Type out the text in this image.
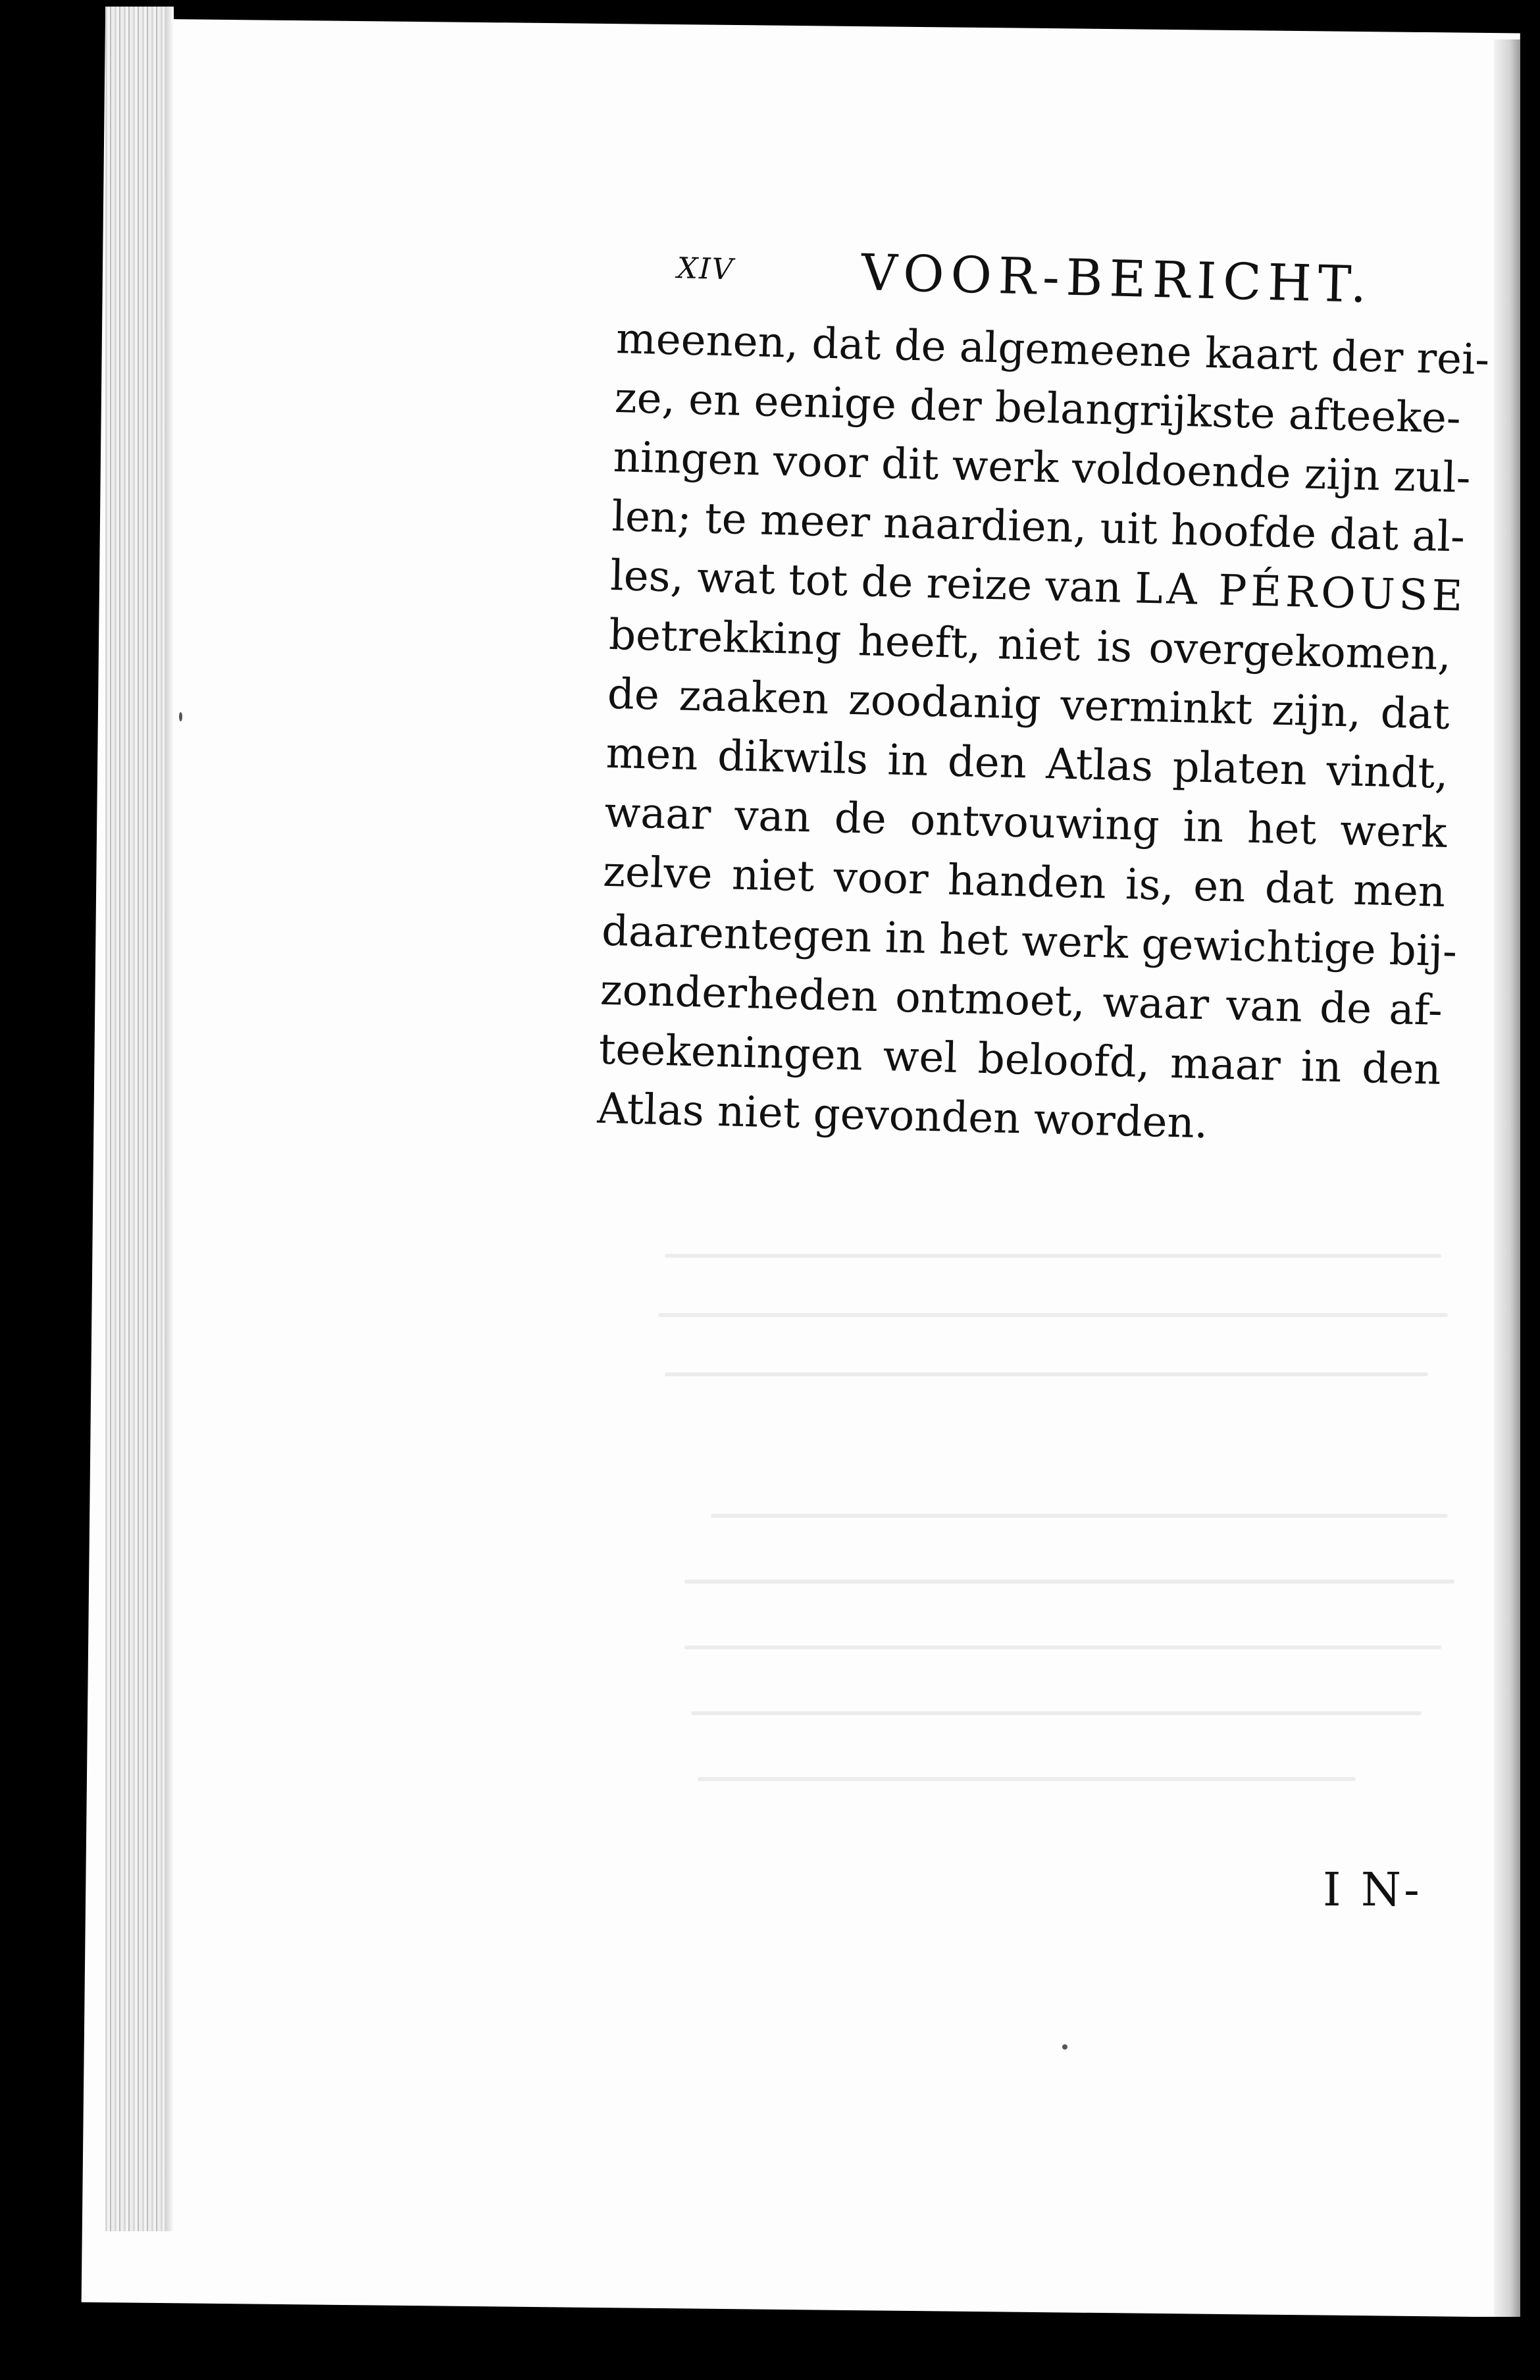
XIV	VOOR-BERICHT.
meenen, dat de algemeene kaart der rei-
ze, en eenige der belangrijkste afteeke-
ningen voor dit werk voldoende zijn zul-
len; te meer naardien, uit hoofde dat al-
les, wat tot de reize van LA PÉROUSE
betrekking heeft, niet is overgekomen,
de zaaken zoodanig verminkt zijn, dat
men dikwils in den Atlas platen vindt,
waar van de ontvouwing in het werk
zelve niet voor handen is, en dat men
daarentegen in het werk gewichtige bij-
zonderheden ontmoet, waar van de af-
teekeningen wel beloofd, maar in den
Atlas niet gevonden worden.
I N-
